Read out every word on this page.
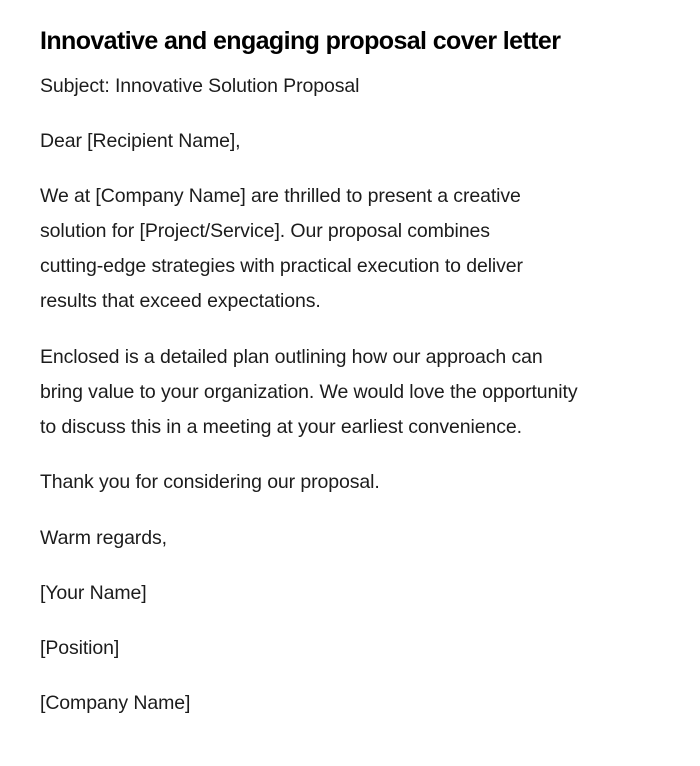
Innovative and engaging proposal cover letter

Subject: Innovative Solution Proposal

Dear [Recipient Name],

We at [Company Name] are thrilled to present a creative
solution for [Project/Service]. Our proposal combines
cutting-edge strategies with practical execution to deliver
results that exceed expectations.

Enclosed is a detailed plan outlining how our approach can
bring value to your organization. We would love the opportunity
to discuss this in a meeting at your earliest convenience.

Thank you for considering our proposal.

Warm regards,

[Your Name]

[Position]

[Company Name]
